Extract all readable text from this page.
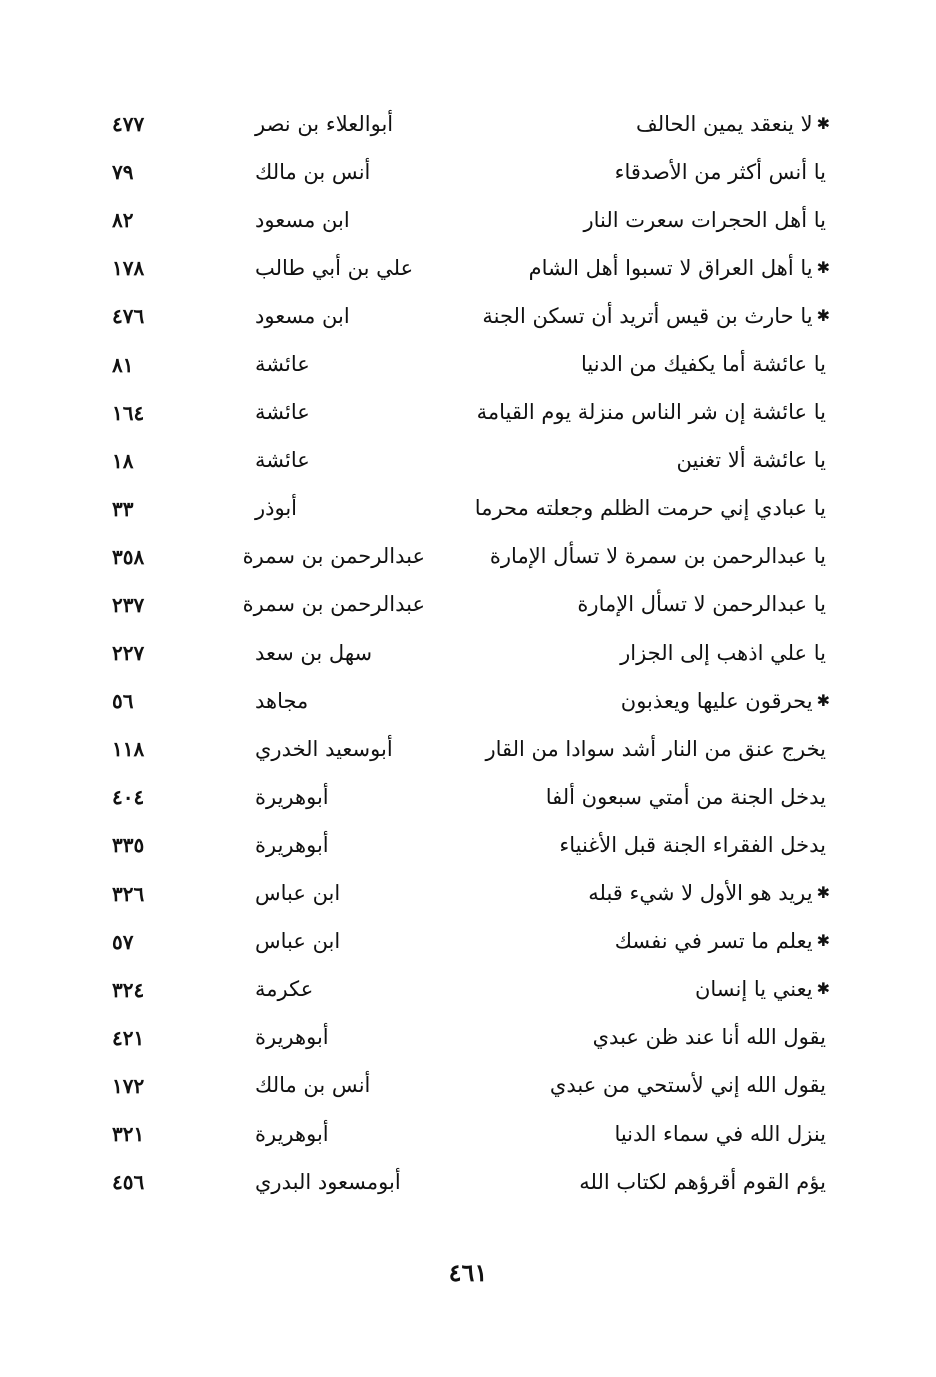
✱لا ينعقد يمين الحالف
أبوالعلاء بن نصر
٤٧٧
يا أنس أكثر من الأصدقاء
أنس بن مالك
٧٩
يا أهل الحجرات سعرت النار
ابن مسعود
٨٢
✱يا أهل العراق لا تسبوا أهل الشام
علي بن أبي طالب
١٧٨
✱يا حارث بن قيس أتريد أن تسكن الجنة
ابن مسعود
٤٧٦
يا عائشة أما يكفيك من الدنيا
عائشة
٨١
يا عائشة إن شر الناس منزلة يوم القيامة
عائشة
١٦٤
يا عائشة ألا تغنين
عائشة
١٨
يا عبادي إني حرمت الظلم وجعلته محرما
أبوذر
٣٣
يا عبدالرحمن بن سمرة لا تسأل الإمارة
عبدالرحمن بن سمرة
٣٥٨
يا عبدالرحمن لا تسأل الإمارة
عبدالرحمن بن سمرة
٢٣٧
يا علي اذهب إلى الجزار
سهل بن سعد
٢٢٧
✱يحرقون عليها ويعذبون
مجاهد
٥٦
يخرج عنق من النار أشد سوادا من القار
أبوسعيد الخدري
١١٨
يدخل الجنة من أمتي سبعون ألفا
أبوهريرة
٤٠٤
يدخل الفقراء الجنة قبل الأغنياء
أبوهريرة
٣٣٥
✱يريد هو الأول لا شيء قبله
ابن عباس
٣٢٦
✱يعلم ما تسر في نفسك
ابن عباس
٥٧
✱يعني يا إنسان
عكرمة
٣٢٤
يقول الله أنا عند ظن عبدي
أبوهريرة
٤٢١
يقول الله إني لأستحي من عبدي
أنس بن مالك
١٧٢
ينزل الله في سماء الدنيا
أبوهريرة
٣٢١
يؤم القوم أقرؤهم لكتاب الله
أبومسعود البدري
٤٥٦
٤٦١
